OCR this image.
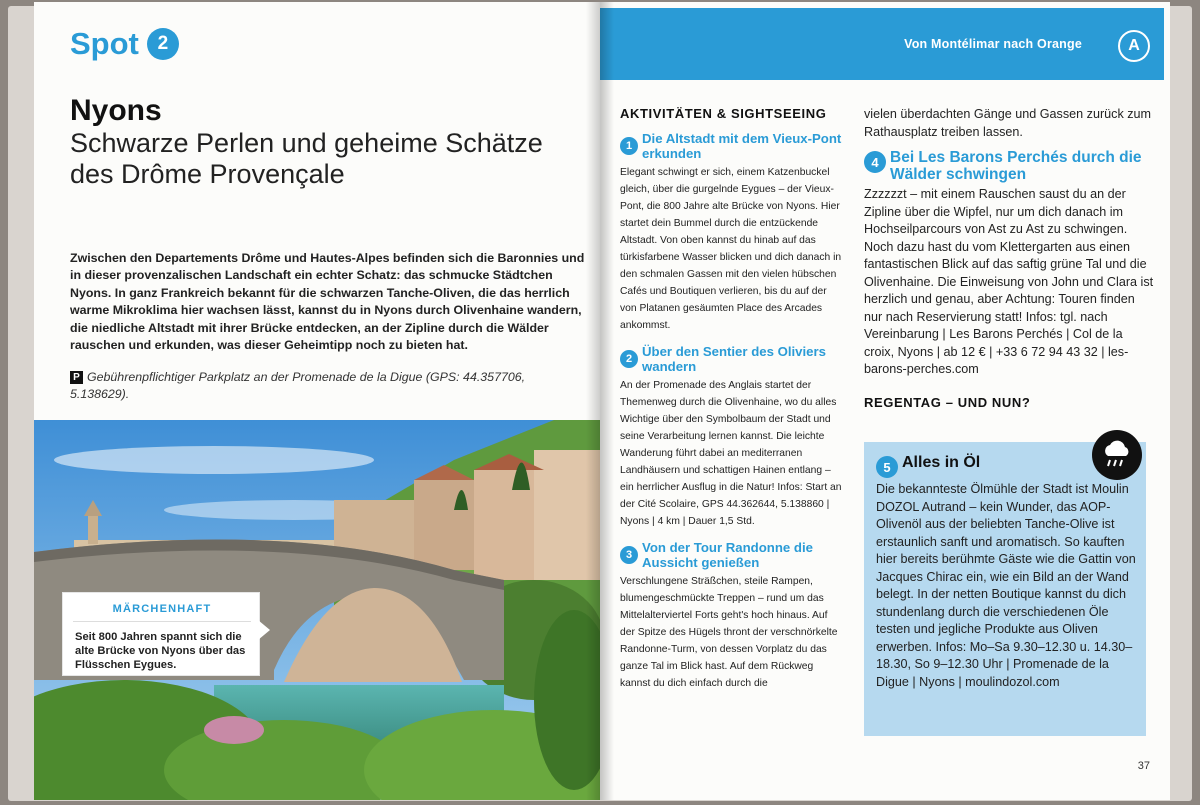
Spot 2
Nyons
Schwarze Perlen und geheime Schätze des Drôme Provençale

Zwischen den Departements Drôme und Hautes-Alpes befinden sich die Baronnies und in dieser provenzalischen Landschaft ein echter Schatz: das schmucke Städtchen Nyons. In ganz Frankreich bekannt für die schwarzen Tanche-Oliven, die das herrlich warme Mikroklima hier wachsen lässt, kannst du in Nyons durch Olivenhaine wandern, die niedliche Altstadt mit ihrer Brücke entdecken, an der Zipline durch die Wälder rauschen und erkunden, was dieser Geheimtipp noch zu bieten hat.

P Gebührenpflichtiger Parkplatz an der Promenade de la Digue (GPS: 44.357706, 5.138629).

MÄRCHENHAFT
Seit 800 Jahren spannt sich die alte Brücke von Nyons über das Flüsschen Eygues.
Von Montélimar nach Orange	A
AKTIVITÄTEN & SIGHTSEEING
1 Die Altstadt mit dem Vieux-Pont erkunden

Elegant schwingt er sich, einem Katzenbuckel gleich, über die gurgelnde Eygues – der Vieux-Pont, die 800 Jahre alte Brücke von Nyons. Hier startet dein Bummel durch die entzückende Altstadt. Von oben kannst du hinab auf das türkisfarbene Wasser blicken und dich danach in den schmalen Gassen mit den vielen hübschen Cafés und Boutiquen verlieren, bis du auf der von Platanen gesäumten Place des Arcades ankommst.

2 Über den Sentier des Oliviers wandern

An der Promenade des Anglais startet der Themenweg durch die Olivenhaine, wo du alles Wichtige über den Symbolbaum der Stadt und seine Verarbeitung lernen kannst. Die leichte Wanderung führt dabei an mediterranen Landhäusern und schattigen Hainen entlang – ein herrlicher Ausflug in die Natur! Infos: Start an der Cité Scolaire, GPS 44.362644, 5.138860 | Nyons | 4 km | Dauer 1,5 Std.

3 Von der Tour Randonne die Aussicht genießen

Verschlungene Sträßchen, steile Rampen, blumengeschmückte Treppen – rund um das Mittelalterviertel Forts geht's hoch hinaus. Auf der Spitze des Hügels thront der verschnörkelte Randonne-Turm, von dessen Vorplatz du das ganze Tal im Blick hast. Auf dem Rückweg kannst du dich einfach durch die

vielen überdachten Gänge und Gassen zurück zum Rathausplatz treiben lassen.

4 Bei Les Barons Perchés durch die Wälder schwingen

Zzzzzzt – mit einem Rauschen saust du an der Zipline über die Wipfel, nur um dich danach im Hochseilparcours von Ast zu Ast zu schwingen. Noch dazu hast du vom Klettergarten aus einen fantastischen Blick auf das saftig grüne Tal und die Olivenhaine. Die Einweisung von John und Clara ist herzlich und genau, aber Achtung: Touren finden nur nach Reservierung statt! Infos: tgl. nach Vereinbarung | Les Barons Perchés | Col de la croix, Nyons | ab 12 € | +33 6 72 94 43 32 | les-barons-perches.com

REGENTAG – UND NUN?
5 Alles in Öl

Die bekannteste Ölmühle der Stadt ist Moulin DOZOL Autrand – kein Wunder, das AOP-Olivenöl aus der beliebten Tanche-Olive ist erstaunlich sanft und aromatisch. So kauften hier bereits berühmte Gäste wie die Gattin von Jacques Chirac ein, wie ein Bild an der Wand belegt. In der netten Boutique kannst du dich stundenlang durch die verschiedenen Öle testen und jegliche Produkte aus Oliven erwerben. Infos: Mo–Sa 9.30–12.30 u. 14.30–18.30, So 9–12.30 Uhr | Promenade de la Digue | Nyons | moulindozol.com

37
